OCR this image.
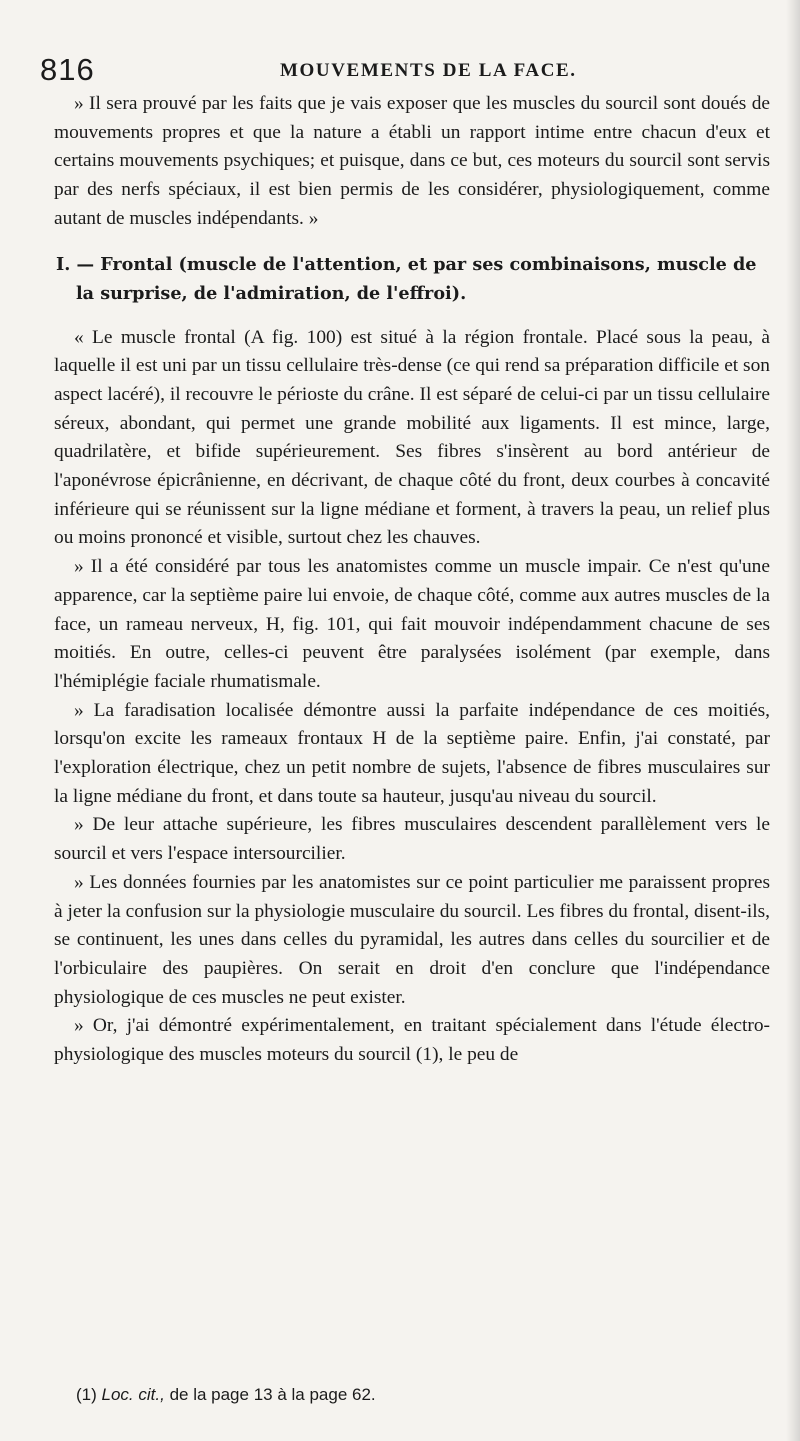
816	MOUVEMENTS DE LA FACE.

» Il sera prouvé par les faits que je vais exposer que les muscles du sourcil sont doués de mouvements propres et que la nature a établi un rapport intime entre chacun d'eux et certains mouvements psychiques; et puisque, dans ce but, ces moteurs du sourcil sont servis par des nerfs spéciaux, il est bien permis de les considérer, physiologiquement, comme autant de muscles indépendants. »

I. — Frontal (muscle de l'attention, et par ses combinaisons, muscle de la surprise, de l'admiration, de l'effroi).

« Le muscle frontal (A fig. 100) est situé à la région frontale. Placé sous la peau, à laquelle il est uni par un tissu cellulaire très-dense (ce qui rend sa préparation difficile et son aspect lacéré), il recouvre le périoste du crâne. Il est séparé de celui-ci par un tissu cellulaire séreux, abondant, qui permet une grande mobilité aux ligaments. Il est mince, large, quadrilatère, et bifide supérieurement. Ses fibres s'insèrent au bord antérieur de l'aponévrose épicrânienne, en décrivant, de chaque côté du front, deux courbes à concavité inférieure qui se réunissent sur la ligne médiane et forment, à travers la peau, un relief plus ou moins prononcé et visible, surtout chez les chauves.

» Il a été considéré par tous les anatomistes comme un muscle impair. Ce n'est qu'une apparence, car la septième paire lui envoie, de chaque côté, comme aux autres muscles de la face, un rameau nerveux, H, fig. 101, qui fait mouvoir indépendamment chacune de ses moitiés. En outre, celles-ci peuvent être paralysées isolément (par exemple, dans l'hémiplégie faciale rhumatismale.

» La faradisation localisée démontre aussi la parfaite indépendance de ces moitiés, lorsqu'on excite les rameaux frontaux H de la septième paire. Enfin, j'ai constaté, par l'exploration électrique, chez un petit nombre de sujets, l'absence de fibres musculaires sur la ligne médiane du front, et dans toute sa hauteur, jusqu'au niveau du sourcil.

» De leur attache supérieure, les fibres musculaires descendent parallèlement vers le sourcil et vers l'espace intersourcilier.

» Les données fournies par les anatomistes sur ce point particulier me paraissent propres à jeter la confusion sur la physiologie musculaire du sourcil. Les fibres du frontal, disent-ils, se continuent, les unes dans celles du pyramidal, les autres dans celles du sourcilier et de l'orbiculaire des paupières. On serait en droit d'en conclure que l'indépendance physiologique de ces muscles ne peut exister.

» Or, j'ai démontré expérimentalement, en traitant spécialement dans l'étude électro-physiologique des muscles moteurs du sourcil (1), le peu de

(1) Loc. cit., de la page 13 à la page 62.
